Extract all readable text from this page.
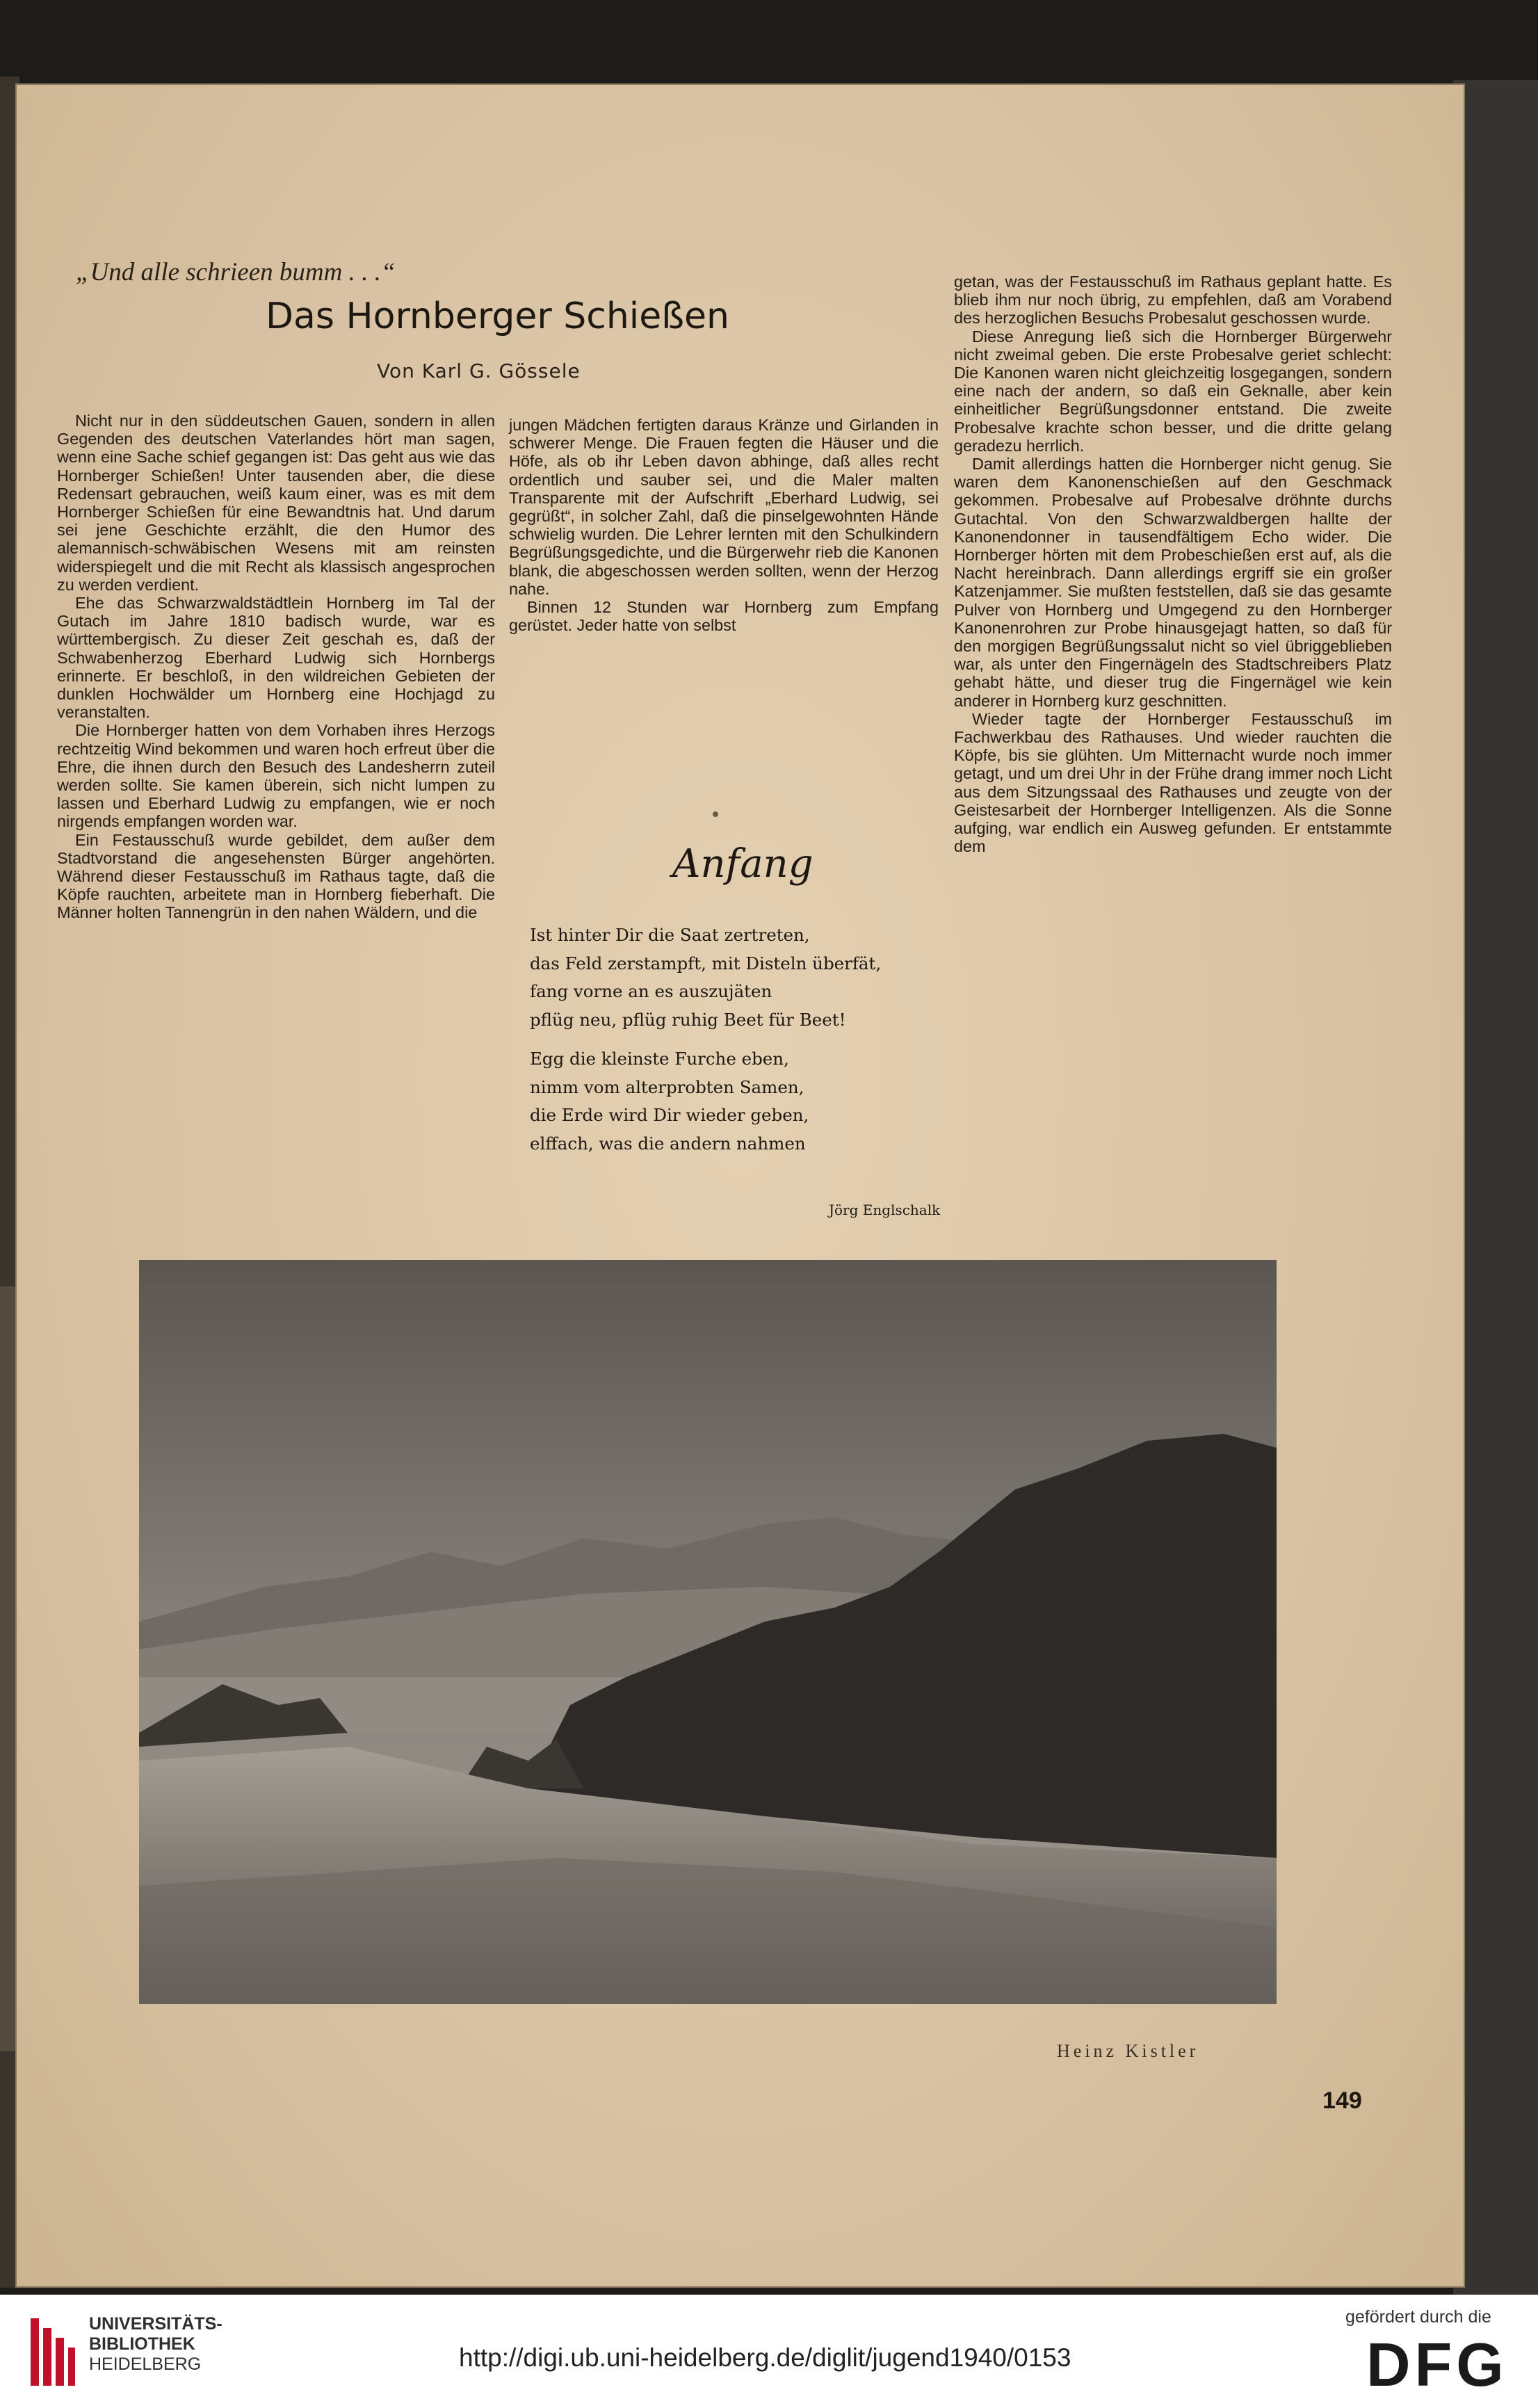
„Und alle schrieen bumm . . .“
Das Hornberger Schießen
Von Karl G. Gössele

Nicht nur in den süddeutschen Gauen, sondern in allen Gegenden des deutschen Vaterlandes hört man sagen, wenn eine Sache schief gegangen ist: Das geht aus wie das Hornberger Schießen! Unter tausenden aber, die diese Redensart gebrauchen, weiß kaum einer, was es mit dem Hornberger Schießen für eine Bewandtnis hat. Und darum sei jene Geschichte erzählt, die den Humor des alemannisch-schwäbischen Wesens mit am reinsten widerspiegelt und die mit Recht als klassisch angesprochen zu werden verdient.

Ehe das Schwarzwaldstädtlein Hornberg im Tal der Gutach im Jahre 1810 badisch wurde, war es württembergisch. Zu dieser Zeit geschah es, daß der Schwabenherzog Eberhard Ludwig sich Hornbergs erinnerte. Er beschloß, in den wildreichen Gebieten der dunklen Hochwälder um Hornberg eine Hochjagd zu veranstalten.

Die Hornberger hatten von dem Vorhaben ihres Herzogs rechtzeitig Wind bekommen und waren hoch erfreut über die Ehre, die ihnen durch den Besuch des Landesherrn zuteil werden sollte. Sie kamen überein, sich nicht lumpen zu lassen und Eberhard Ludwig zu empfangen, wie er noch nirgends empfangen worden war.

Ein Festausschuß wurde gebildet, dem außer dem Stadtvorstand die angesehensten Bürger angehörten. Während dieser Festausschuß im Rathaus tagte, daß die Köpfe rauchten, arbeitete man in Hornberg fieberhaft. Die Männer holten Tannengrün in den nahen Wäldern, und die

jungen Mädchen fertigten daraus Kränze und Girlanden in schwerer Menge. Die Frauen fegten die Häuser und die Höfe, als ob ihr Leben davon abhinge, daß alles recht ordentlich und sauber sei, und die Maler malten Transparente mit der Aufschrift „Eberhard Ludwig, sei gegrüßt“, in solcher Zahl, daß die pinselgewohnten Hände schwielig wurden. Die Lehrer lernten mit den Schulkindern Begrüßungsgedichte, und die Bürgerwehr rieb die Kanonen blank, die abgeschossen werden sollten, wenn der Herzog nahe.

Binnen 12 Stunden war Hornberg zum Empfang gerüstet. Jeder hatte von selbst

Anfang
Ist hinter Dir die Saat zertreten,
das Feld zerstampft, mit Disteln überfät,
fang vorne an es auszujäten
pflüg neu, pflüg ruhig Beet für Beet!
Egg die kleinste Furche eben,
nimm vom alterprobten Samen,
die Erde wird Dir wieder geben,
elffach, was die andern nahmen
Jörg Englschalk

getan, was der Festausschuß im Rathaus geplant hatte. Es blieb ihm nur noch übrig, zu empfehlen, daß am Vorabend des herzoglichen Besuchs Probesalut geschossen wurde.

Diese Anregung ließ sich die Hornberger Bürgerwehr nicht zweimal geben. Die erste Probesalve geriet schlecht: Die Kanonen waren nicht gleichzeitig losgegangen, sondern eine nach der andern, so daß ein Geknalle, aber kein einheitlicher Begrüßungsdonner entstand. Die zweite Probesalve krachte schon besser, und die dritte gelang geradezu herrlich.

Damit allerdings hatten die Hornberger nicht genug. Sie waren dem Kanonenschießen auf den Geschmack gekommen. Probesalve auf Probesalve dröhnte durchs Gutachtal. Von den Schwarzwaldbergen hallte der Kanonendonner in tausendfältigem Echo wider. Die Hornberger hörten mit dem Probeschießen erst auf, als die Nacht hereinbrach. Dann allerdings ergriff sie ein großer Katzenjammer. Sie mußten feststellen, daß sie das gesamte Pulver von Hornberg und Umgegend zu den Hornberger Kanonenrohren zur Probe hinausgejagt hatten, so daß für den morgigen Begrüßungssalut nicht so viel übriggeblieben war, als unter den Fingernägeln des Stadtschreibers Platz gehabt hätte, und dieser trug die Fingernägel wie kein anderer in Hornberg kurz geschnitten.

Wieder tagte der Hornberger Festausschuß im Fachwerkbau des Rathauses. Und wieder rauchten die Köpfe, bis sie glühten. Um Mitternacht wurde noch immer getagt, und um drei Uhr in der Frühe drang immer noch Licht aus dem Sitzungssaal des Rathauses und zeugte von der Geistesarbeit der Hornberger Intelligenzen. Als die Sonne aufging, war endlich ein Ausweg gefunden. Er entstammte dem

Heinz Kistler
149
UNIVERSITÄTS-
BIBLIOTHEK
HEIDELBERG	http://digi.ub.uni-heidelberg.de/diglit/jugend1940/0153
gefördert durch die
DFG
